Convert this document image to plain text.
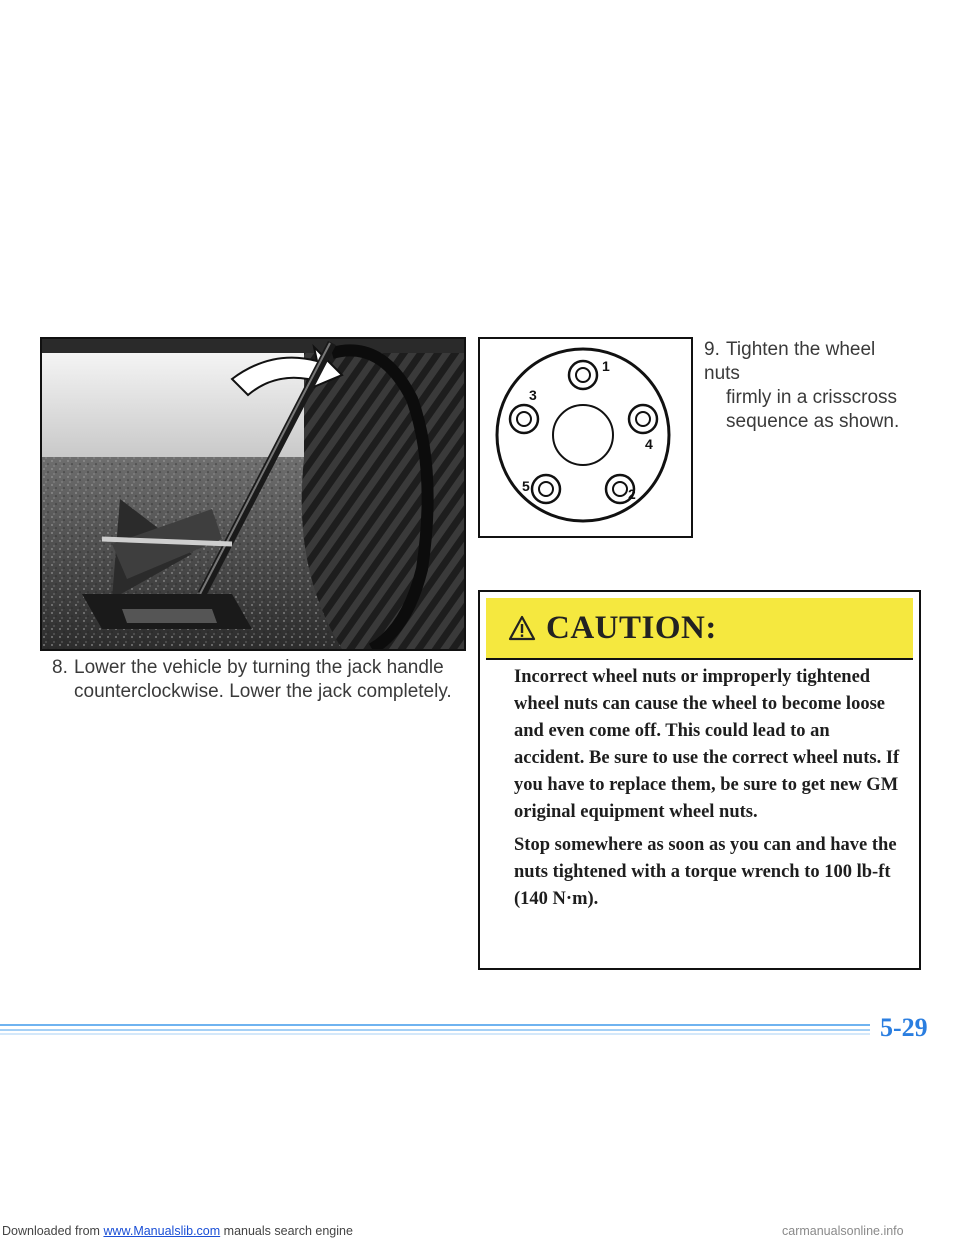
8. Lower the vehicle by turning the jack handle
counterclockwise. Lower the jack completely.
1
2
3
4
5
9. Tighten the wheel nuts
firmly in a crisscross
sequence as shown.
CAUTION:

Incorrect wheel nuts or improperly tightened wheel nuts can cause the wheel to become loose and even come off. This could lead to an accident. Be sure to use the correct wheel nuts. If you have to replace them, be sure to get new GM original equipment wheel nuts.

Stop somewhere as soon as you can and have the nuts tightened with a torque wrench to 100 lb-ft (140 N·m).

5-29
Downloaded from www.Manualslib.com manuals search engine	carmanualsonline.info
